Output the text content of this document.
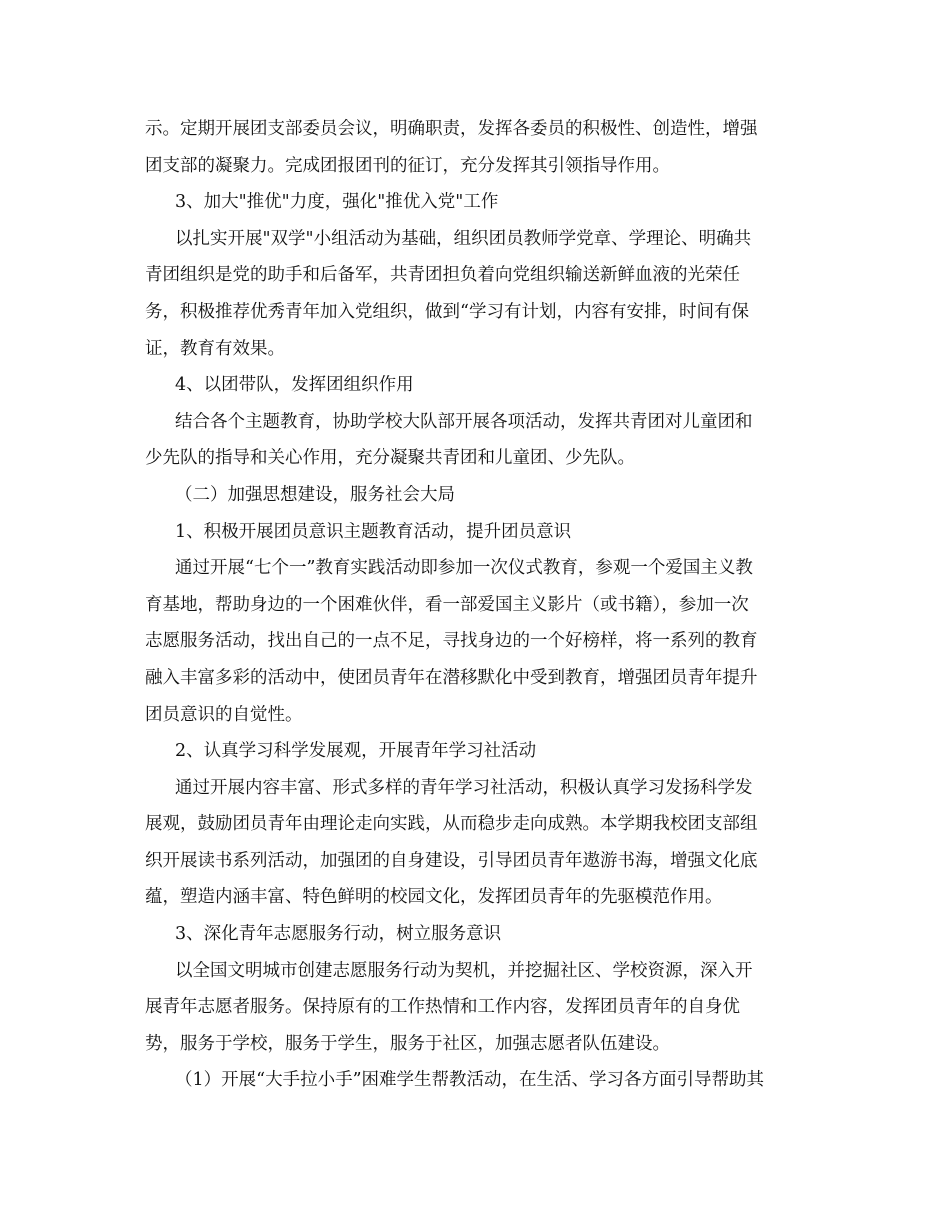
示。定期开展团支部委员会议，明确职责，发挥各委员的积极性、创造性，增强
团支部的凝聚力。完成团报团刊的征订，充分发挥其引领指导作用。
3、加大"推优"力度，强化"推优入党"工作
以扎实开展"双学"小组活动为基础，组织团员教师学党章、学理论、明确共
青团组织是党的助手和后备军，共青团担负着向党组织输送新鲜血液的光荣任
务，积极推荐优秀青年加入党组织，做到“学习有计划，内容有安排，时间有保
证，教育有效果。
4、以团带队，发挥团组织作用
结合各个主题教育，协助学校大队部开展各项活动，发挥共青团对儿童团和
少先队的指导和关心作用，充分凝聚共青团和儿童团、少先队。
（二）加强思想建设，服务社会大局
1、积极开展团员意识主题教育活动，提升团员意识
通过开展“七个一”教育实践活动即参加一次仪式教育，参观一个爱国主义教
育基地，帮助身边的一个困难伙伴，看一部爱国主义影片（或书籍），参加一次
志愿服务活动，找出自己的一点不足，寻找身边的一个好榜样，将一系列的教育
融入丰富多彩的活动中，使团员青年在潜移默化中受到教育，增强团员青年提升
团员意识的自觉性。
2、认真学习科学发展观，开展青年学习社活动
通过开展内容丰富、形式多样的青年学习社活动，积极认真学习发扬科学发
展观，鼓励团员青年由理论走向实践，从而稳步走向成熟。本学期我校团支部组
织开展读书系列活动，加强团的自身建设，引导团员青年遨游书海，增强文化底
蕴，塑造内涵丰富、特色鲜明的校园文化，发挥团员青年的先驱模范作用。
3、深化青年志愿服务行动，树立服务意识
以全国文明城市创建志愿服务行动为契机，并挖掘社区、学校资源，深入开
展青年志愿者服务。保持原有的工作热情和工作内容，发挥团员青年的自身优
势，服务于学校，服务于学生，服务于社区，加强志愿者队伍建设。
（1）开展“大手拉小手”困难学生帮教活动，在生活、学习各方面引导帮助其
